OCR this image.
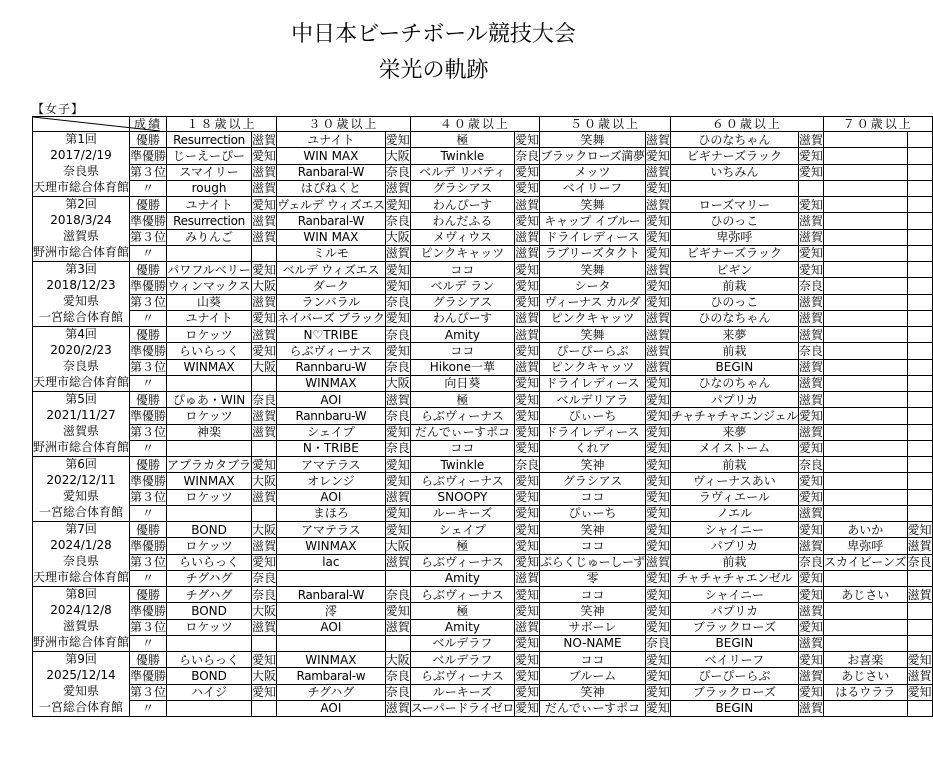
中日本ビーチボール競技大会
栄光の軌跡
【女子】
	成績	１８歳以上		３０歳以上		４０歳以上		５０歳以上		６０歳以上		７０歳以上	

第1回
2017/2/19
奈良県
天理市総合体育館	優勝	Resurrection	滋賀	ユナイト	愛知	極	愛知	笑舞	滋賀	ひのなちゃん	滋賀		
	準優勝	じーえーぴー	愛知	WIN MAX	大阪	Twinkle	奈良	ブラックローズ満夢	愛知	ビギナーズラック	愛知		
	第３位	スマイリー	滋賀	Ranbaral-W	奈良	ベルデ リバティ	愛知	メッツ	滋賀	いちみん	愛知		
	〃	rough	滋賀	はぴねくと	滋賀	グラシアス	愛知	ベイリーフ	愛知				

第2回
2018/3/24
滋賀県
野洲市総合体育館	優勝	ユナイト	愛知	ヴェルデ ウィズエス	愛知	わんぴーす	滋賀	笑舞	滋賀	ローズマリー	愛知		
	準優勝	Resurrection	滋賀	Ranbaral-W	奈良	わんだふる	愛知	キャップ イブルー	愛知	ひのっこ	滋賀		
	第３位	みりんご	滋賀	WIN MAX	大阪	メヴィウス	滋賀	ドライレディース	愛知	卑弥呼	滋賀		
	〃			ミルモ	滋賀	ピンクキャッツ	滋賀	ラブリーズタクト	愛知	ビギナーズラック	愛知		

第3回
2018/12/23
愛知県
一宮総合体育館	優勝	パワフルベリー	愛知	ベルデ ウィズエス	愛知	ココ	愛知	笑舞	滋賀	ビギン	愛知		
	準優勝	ウィンマックス	大阪	ダーク	愛知	ベルデ ラン	愛知	シータ	愛知	前栽	奈良		
	第３位	山葵	滋賀	ランバラル	奈良	グラシアス	愛知	ヴィーナス カルダ	愛知	ひのっこ	滋賀		
	〃	ユナイト	愛知	ネイバーズ ブラック	愛知	わんぴーす	滋賀	ピンクキャッツ	滋賀	ひのなちゃん	滋賀		

第4回
2020/2/23
奈良県
天理市総合体育館	優勝	ロケッツ	滋賀	N♡TRIBE	奈良	Amity	滋賀	笑舞	滋賀	来夢	滋賀		
	準優勝	らいらっく	愛知	らぶヴィーナス	愛知	ココ	愛知	ぴーぴーらぶ	滋賀	前栽	奈良		
	第３位	WINMAX	大阪	Rannbaru-W	奈良	Hikone一華	滋賀	ピンクキャッツ	滋賀	BEGIN	滋賀		
	〃			WINMAX	大阪	向日葵	愛知	ドライレディース	愛知	ひなのちゃん	滋賀		

第5回
2021/11/27
滋賀県
野洲市総合体育館	優勝	ぴゅあ・WIN	奈良	AOI	滋賀	極	愛知	ベルデリアラ	愛知	パプリカ	滋賀		
	準優勝	ロケッツ	滋賀	Rannbaru-W	奈良	らぶヴィーナス	愛知	ぴぃーち	愛知	チャチャチャエンジェル	愛知		
	第３位	神楽	滋賀	シェイプ	愛知	だんでぃーすポコ	愛知	ドライレディース	愛知	来夢	滋賀		
	〃			N・TRIBE	奈良	ココ	愛知	くれア	愛知	メイストーム	愛知		

第6回
2022/12/11
愛知県
一宮総合体育館	優勝	アプラカタブラ	愛知	アマテラス	愛知	Twinkle	奈良	笑神	愛知	前栽	奈良		
	準優勝	WINMAX	大阪	オレンジ	愛知	らぶヴィーナス	愛知	グラシアス	愛知	ヴィーナスあい	愛知		
	第３位	ロケッツ	滋賀	AOI	滋賀	SNOOPY	愛知	ココ	愛知	ラヴィエール	愛知		
	〃			まほろ	愛知	ルーキーズ	愛知	ぴぃーち	愛知	ノエル	滋賀		

第7回
2024/1/28
奈良県
天理市総合体育館	優勝	BOND	大阪	アマテラス	愛知	シェイプ	愛知	笑神	愛知	シャイニー	愛知	あいか	愛知
	準優勝	ロケッツ	滋賀	WINMAX	大阪	極	愛知	ココ	愛知	パプリカ	滋賀	卑弥呼	滋賀
	第３位	らいらっく	愛知	lac	滋賀	らぶヴィーナス	愛知	ぷらくじゅーしーず	滋賀	前栽	奈良	スカイビーンズ	奈良
	〃	チグハグ	奈良			Amity	滋賀	零	愛知	チャチャチャエンゼル	愛知		

第8回
2024/12/8
滋賀県
野洲市総合体育館	優勝	チグハグ	奈良	Ranbaral-W	奈良	らぶヴィーナス	愛知	ココ	愛知	シャイニー	愛知	あじさい	滋賀
	準優勝	BOND	大阪	澪	愛知	極	愛知	笑神	愛知	パプリカ	滋賀		
	第３位	ロケッツ	滋賀	AOI	滋賀	Amity	滋賀	サボーレ	愛知	ブラックローズ	愛知		
	〃					ベルデラフ	愛知	NO-NAME	奈良	BEGIN	滋賀		

第9回
2025/12/14
愛知県
一宮総合体育館	優勝	らいらっく	愛知	WINMAX	大阪	ベルデラフ	愛知	ココ	愛知	ベイリーフ	愛知	お喜楽	愛知
	準優勝	BOND	大阪	Rambaral-w	奈良	らぶヴィーナス	愛知	ブルーム	愛知	ぴーぴーらぶ	滋賀	あじさい	滋賀
	第３位	ハイジ	愛知	チグハグ	奈良	ルーキーズ	愛知	笑神	愛知	ブラックローズ	愛知	はるウララ	愛知
	〃			AOI	滋賀	スーパードライゼロ	愛知	だんでぃーすポコ	愛知	BEGIN	滋賀		
